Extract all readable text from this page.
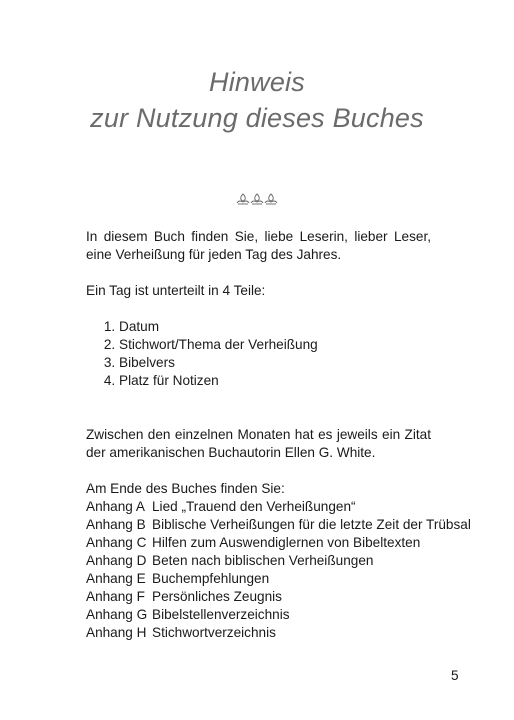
Hinweis
zur Nutzung dieses Buches

In diesem Buch finden Sie, liebe Leserin, lieber Leser, eine Verheißung für jeden Tag des Jahres.

Ein Tag ist unterteilt in 4 Teile:

1. Datum
2. Stichwort/Thema der Verheißung
3. Bibelvers
4. Platz für Notizen

Zwischen den einzelnen Monaten hat es jeweils ein Zitat der amerikanischen Buchautorin Ellen G. White.

Am Ende des Buches finden Sie:

Anhang A Lied „Trauend den Verheißungen“
Anhang B Biblische Verheißungen für die letzte Zeit der Trübsal
Anhang C Hilfen zum Auswendiglernen von Bibeltexten
Anhang D Beten nach biblischen Verheißungen
Anhang E Buchempfehlungen
Anhang F Persönliches Zeugnis
Anhang G Bibelstellenverzeichnis
Anhang H Stichwortverzeichnis
5
